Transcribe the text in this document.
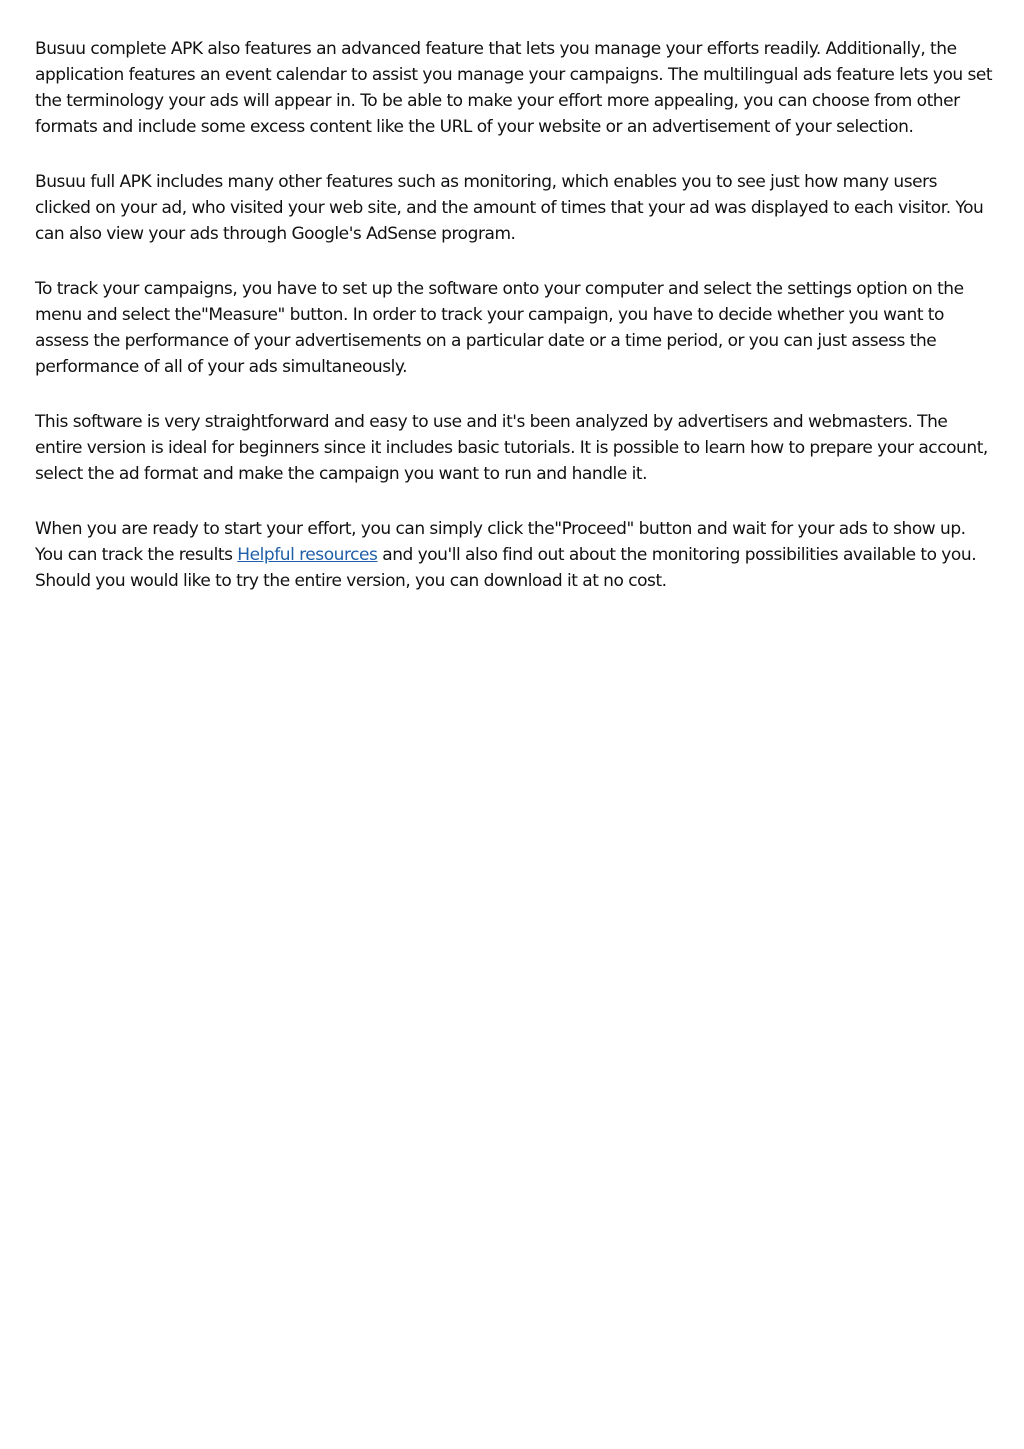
Busuu complete APK also features an advanced feature that lets you manage your efforts readily. Additionally, the application features an event calendar to assist you manage your campaigns. The multilingual ads feature lets you set the terminology your ads will appear in. To be able to make your effort more appealing, you can choose from other formats and include some excess content like the URL of your website or an advertisement of your selection.

Busuu full APK includes many other features such as monitoring, which enables you to see just how many users clicked on your ad, who visited your web site, and the amount of times that your ad was displayed to each visitor. You can also view your ads through Google's AdSense program.

To track your campaigns, you have to set up the software onto your computer and select the settings option on the menu and select the"Measure" button. In order to track your campaign, you have to decide whether you want to assess the performance of your advertisements on a particular date or a time period, or you can just assess the performance of all of your ads simultaneously.

This software is very straightforward and easy to use and it's been analyzed by advertisers and webmasters. The entire version is ideal for beginners since it includes basic tutorials. It is possible to learn how to prepare your account, select the ad format and make the campaign you want to run and handle it.

When you are ready to start your effort, you can simply click the"Proceed" button and wait for your ads to show up. You can track the results Helpful resources and you'll also find out about the monitoring possibilities available to you. Should you would like to try the entire version, you can download it at no cost.
